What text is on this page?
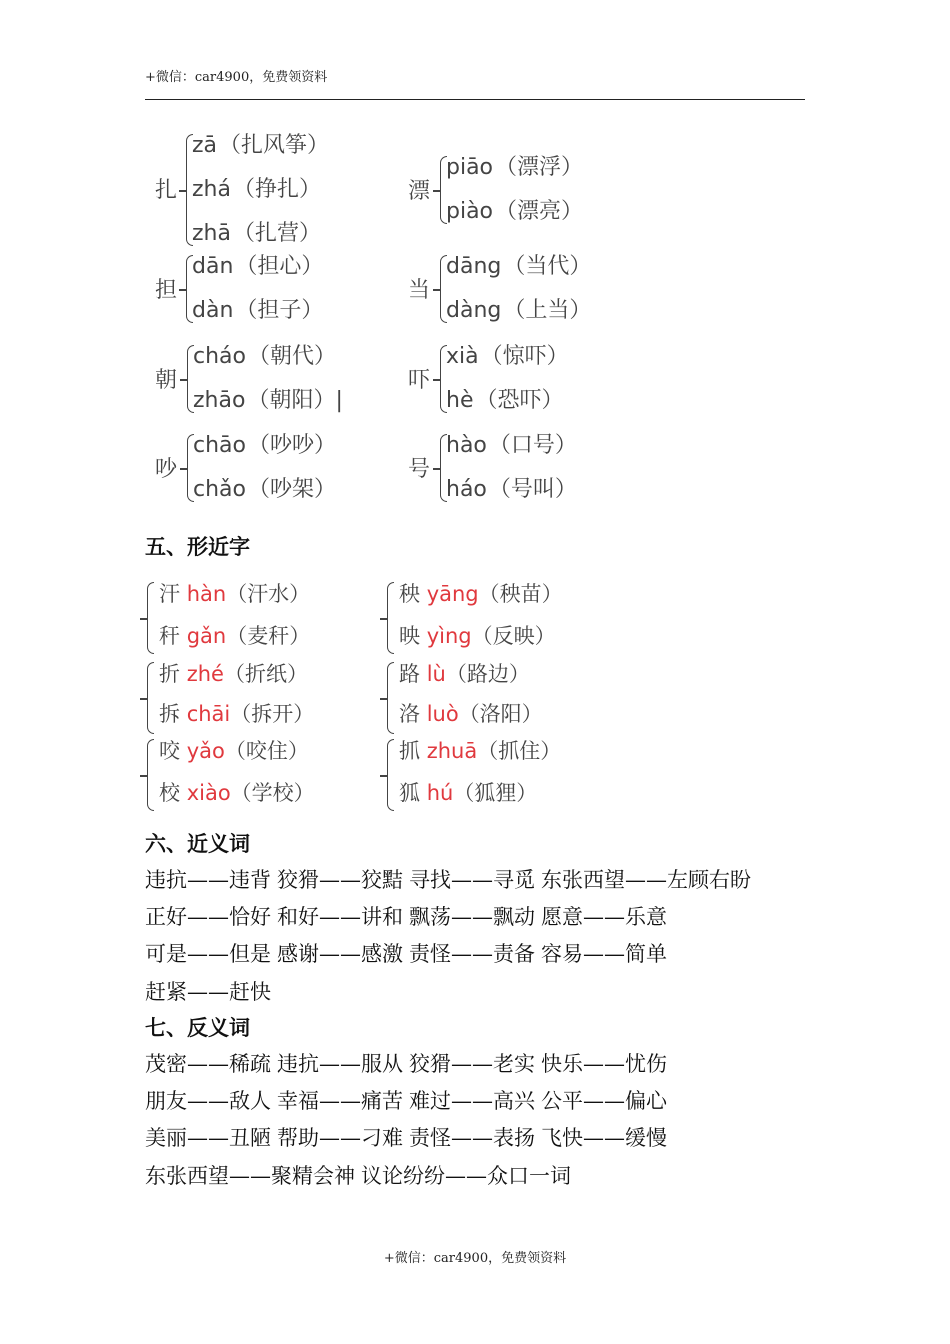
+微信：car4900，免费领资料
扎
zā（扎风筝）
zhá（挣扎）
zhā（扎营）
漂
piāo（漂浮）
piào（漂亮）
担
dān（担心）
dàn（担子）
当
dāng（当代）
dàng（上当）
朝
cháo（朝代）
zhāo（朝阳）|
吓
xià（惊吓）
hè（恐吓）
吵
chāo（吵吵）
chǎo（吵架）
号
hào（口号）
háo（号叫）
五、形近字
汗 hàn（汗水）
秆 gǎn（麦秆）
秧 yāng（秧苗）
映 yìng（反映）
折 zhé（折纸）
拆 chāi（拆开）
路 lù（路边）
洛 luò（洛阳）
咬 yǎo（咬住）
校 xiào（学校）
抓 zhuā（抓住）
狐 hú（狐狸）
六、近义词
违抗——违背 狡猾——狡黠 寻找——寻觅 东张西望——左顾右盼
正好——恰好 和好——讲和 飘荡——飘动 愿意——乐意
可是——但是 感谢——感激 责怪——责备 容易——简单
赶紧——赶快
七、反义词
茂密——稀疏 违抗——服从 狡猾——老实 快乐——忧伤
朋友——敌人 幸福——痛苦 难过——高兴 公平——偏心
美丽——丑陋 帮助——刁难 责怪——表扬 飞快——缓慢
东张西望——聚精会神 议论纷纷——众口一词
+微信：car4900，免费领资料
